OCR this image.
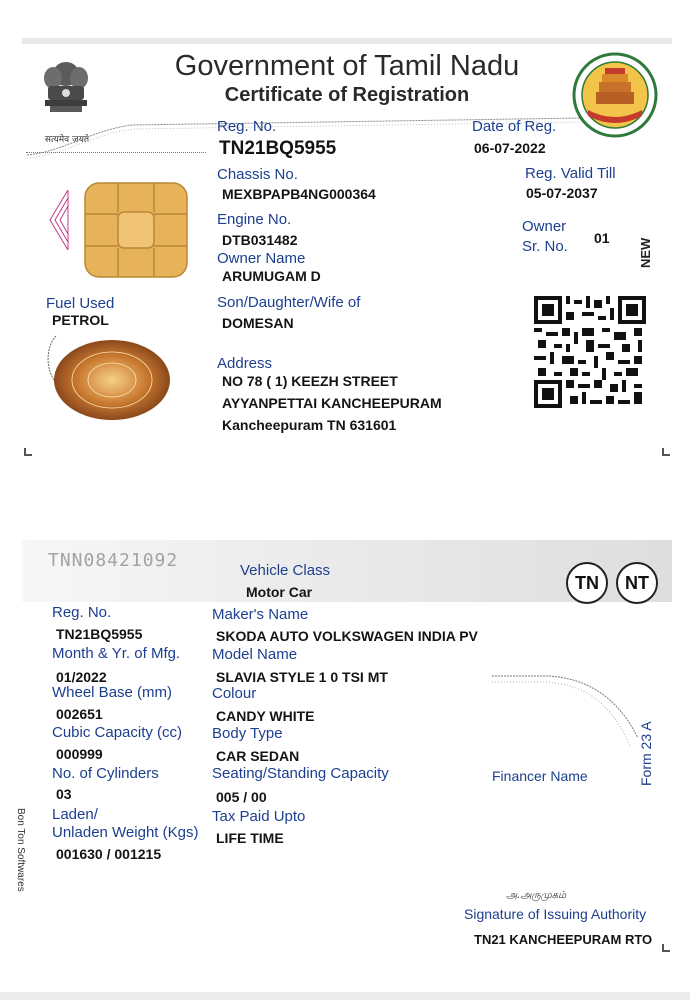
सत्यमेव जयते
Government of Tamil Nadu
Certificate of Registration
Reg. No.
TN21BQ5955
Date of Reg.
06-07-2022
Chassis No.
MEXBPAPB4NG000364
Reg. Valid Till
05-07-2037
Engine No.
DTB031482
Owner
Sr. No. 01
Owner Name
ARUMUGAM D
NEW
Fuel Used
PETROL
Son/Daughter/Wife of
DOMESAN
Address
NO 78 ( 1) KEEZH STREET
AYYANPETTAI KANCHEEPURAM
Kancheepuram TN 631601
TNN08421092	Vehicle Class
Motor Car	TN NT
Bon Ton Softwares
Reg. No.
TN21BQ5955
Month & Yr. of Mfg.
01/2022
Wheel Base (mm)
002651
Cubic Capacity (cc)
000999
No. of Cylinders
03
Laden/
Unladen Weight (Kgs)
001630 / 001215
Maker's Name
SKODA AUTO VOLKSWAGEN INDIA PV
Model Name
SLAVIA STYLE 1 0 TSI MT
Colour
CANDY WHITE
Body Type
CAR SEDAN
Seating/Standing Capacity
005 / 00
Tax Paid Upto
LIFE TIME
Financer Name	Form 23 A
அ.அருமுகம்
Signature of Issuing Authority
TN21 KANCHEEPURAM RTO
